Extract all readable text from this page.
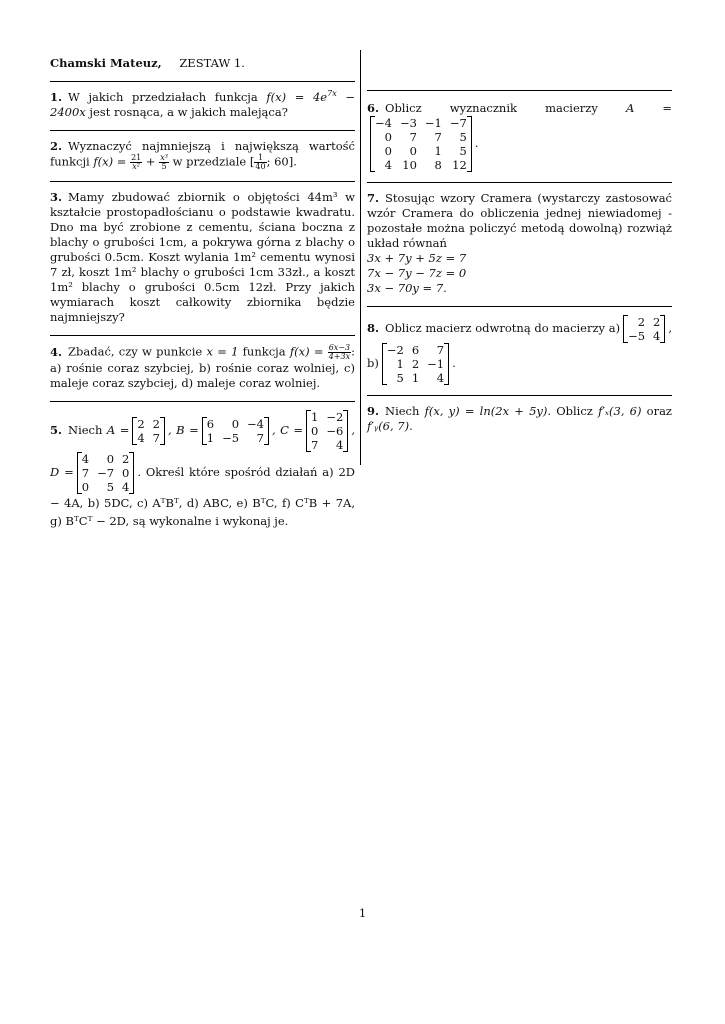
Chamski Mateuz, ZESTAW 1.
1. W jakich przedziałach funkcja $f(x) = 4e^{7x} - 2400x$ jest rosnąca, a w jakich malejąca?
2. Wyznaczyć najmniejszą i największą wartość funkcji $f(x) = \frac{21}{\text{x²}} + \frac{\text{x³}}{5}$ w przedziale [ $\frac{1}{40}$ ; 60].
3. Mamy zbudować zbiornik o objętości 44m³ w kształcie prostopadłościanu o podstawie kwadratu. Dno ma być zrobione z cementu, ściana boczna z blachy o grubości 1cm, a pokrywa górna z blachy o grubości 0.5cm. Koszt wylania 1m² cementu wynosi 7 zł, koszt 1m² blachy o grubości 1cm 33zł., a koszt 1m² blachy o grubości 0.5cm 12zł. Przy jakich wymiarach koszt całkowity zbiornika będzie najmniejszy?
4. Zbadać, czy w punkcie x = 1 funkcja $f(x) = \frac{6x-3}{4+3x}$ : a) rośnie coraz szybciej, b) rośnie coraz wolniej, c) maleje coraz szybciej, d) maleje coraz wolniej.
5. Niech A = 2	2
4	7
, B = 6	0	−4
1	−5	7
, C =1	−2
0	−6
7	4
, D =4	0	2
7	−7	0
0	5	4
. Określ które spośród działań a) 2D − 4A, b) 5DC, c) AᵀBᵀ, d) ABC, e) BᵀC, f) CᵀB + 7A, g) BᵀCᵀ − 2D, są wykonalne i wykonaj je.
6. Oblicz wyznacznik macierzy A =−4	−3	−1	−7
0	7	7	5
0	0	1	5
4	10	8	12
.
7. Stosując wzory Cramera (wystarczy zastosować wzór Cramera do obliczenia jednej niewiadomej - pozostałe można policzyć metodą dowolną) rozwiąż układ równań
3x + 7y + 5z = 7
7x − 7y − 7z = 0
3x − 70y = 7.
8. Oblicz macierz odwrotną do macierzy a) 2	2
−5	4
, b)−2	6	7
1	2	−1
5	1	4
.
9. Niech f(x, y) = ln(2x + 5y). Oblicz f′ₓ(3, 6) oraz f′ᵧ(6, 7).
1
